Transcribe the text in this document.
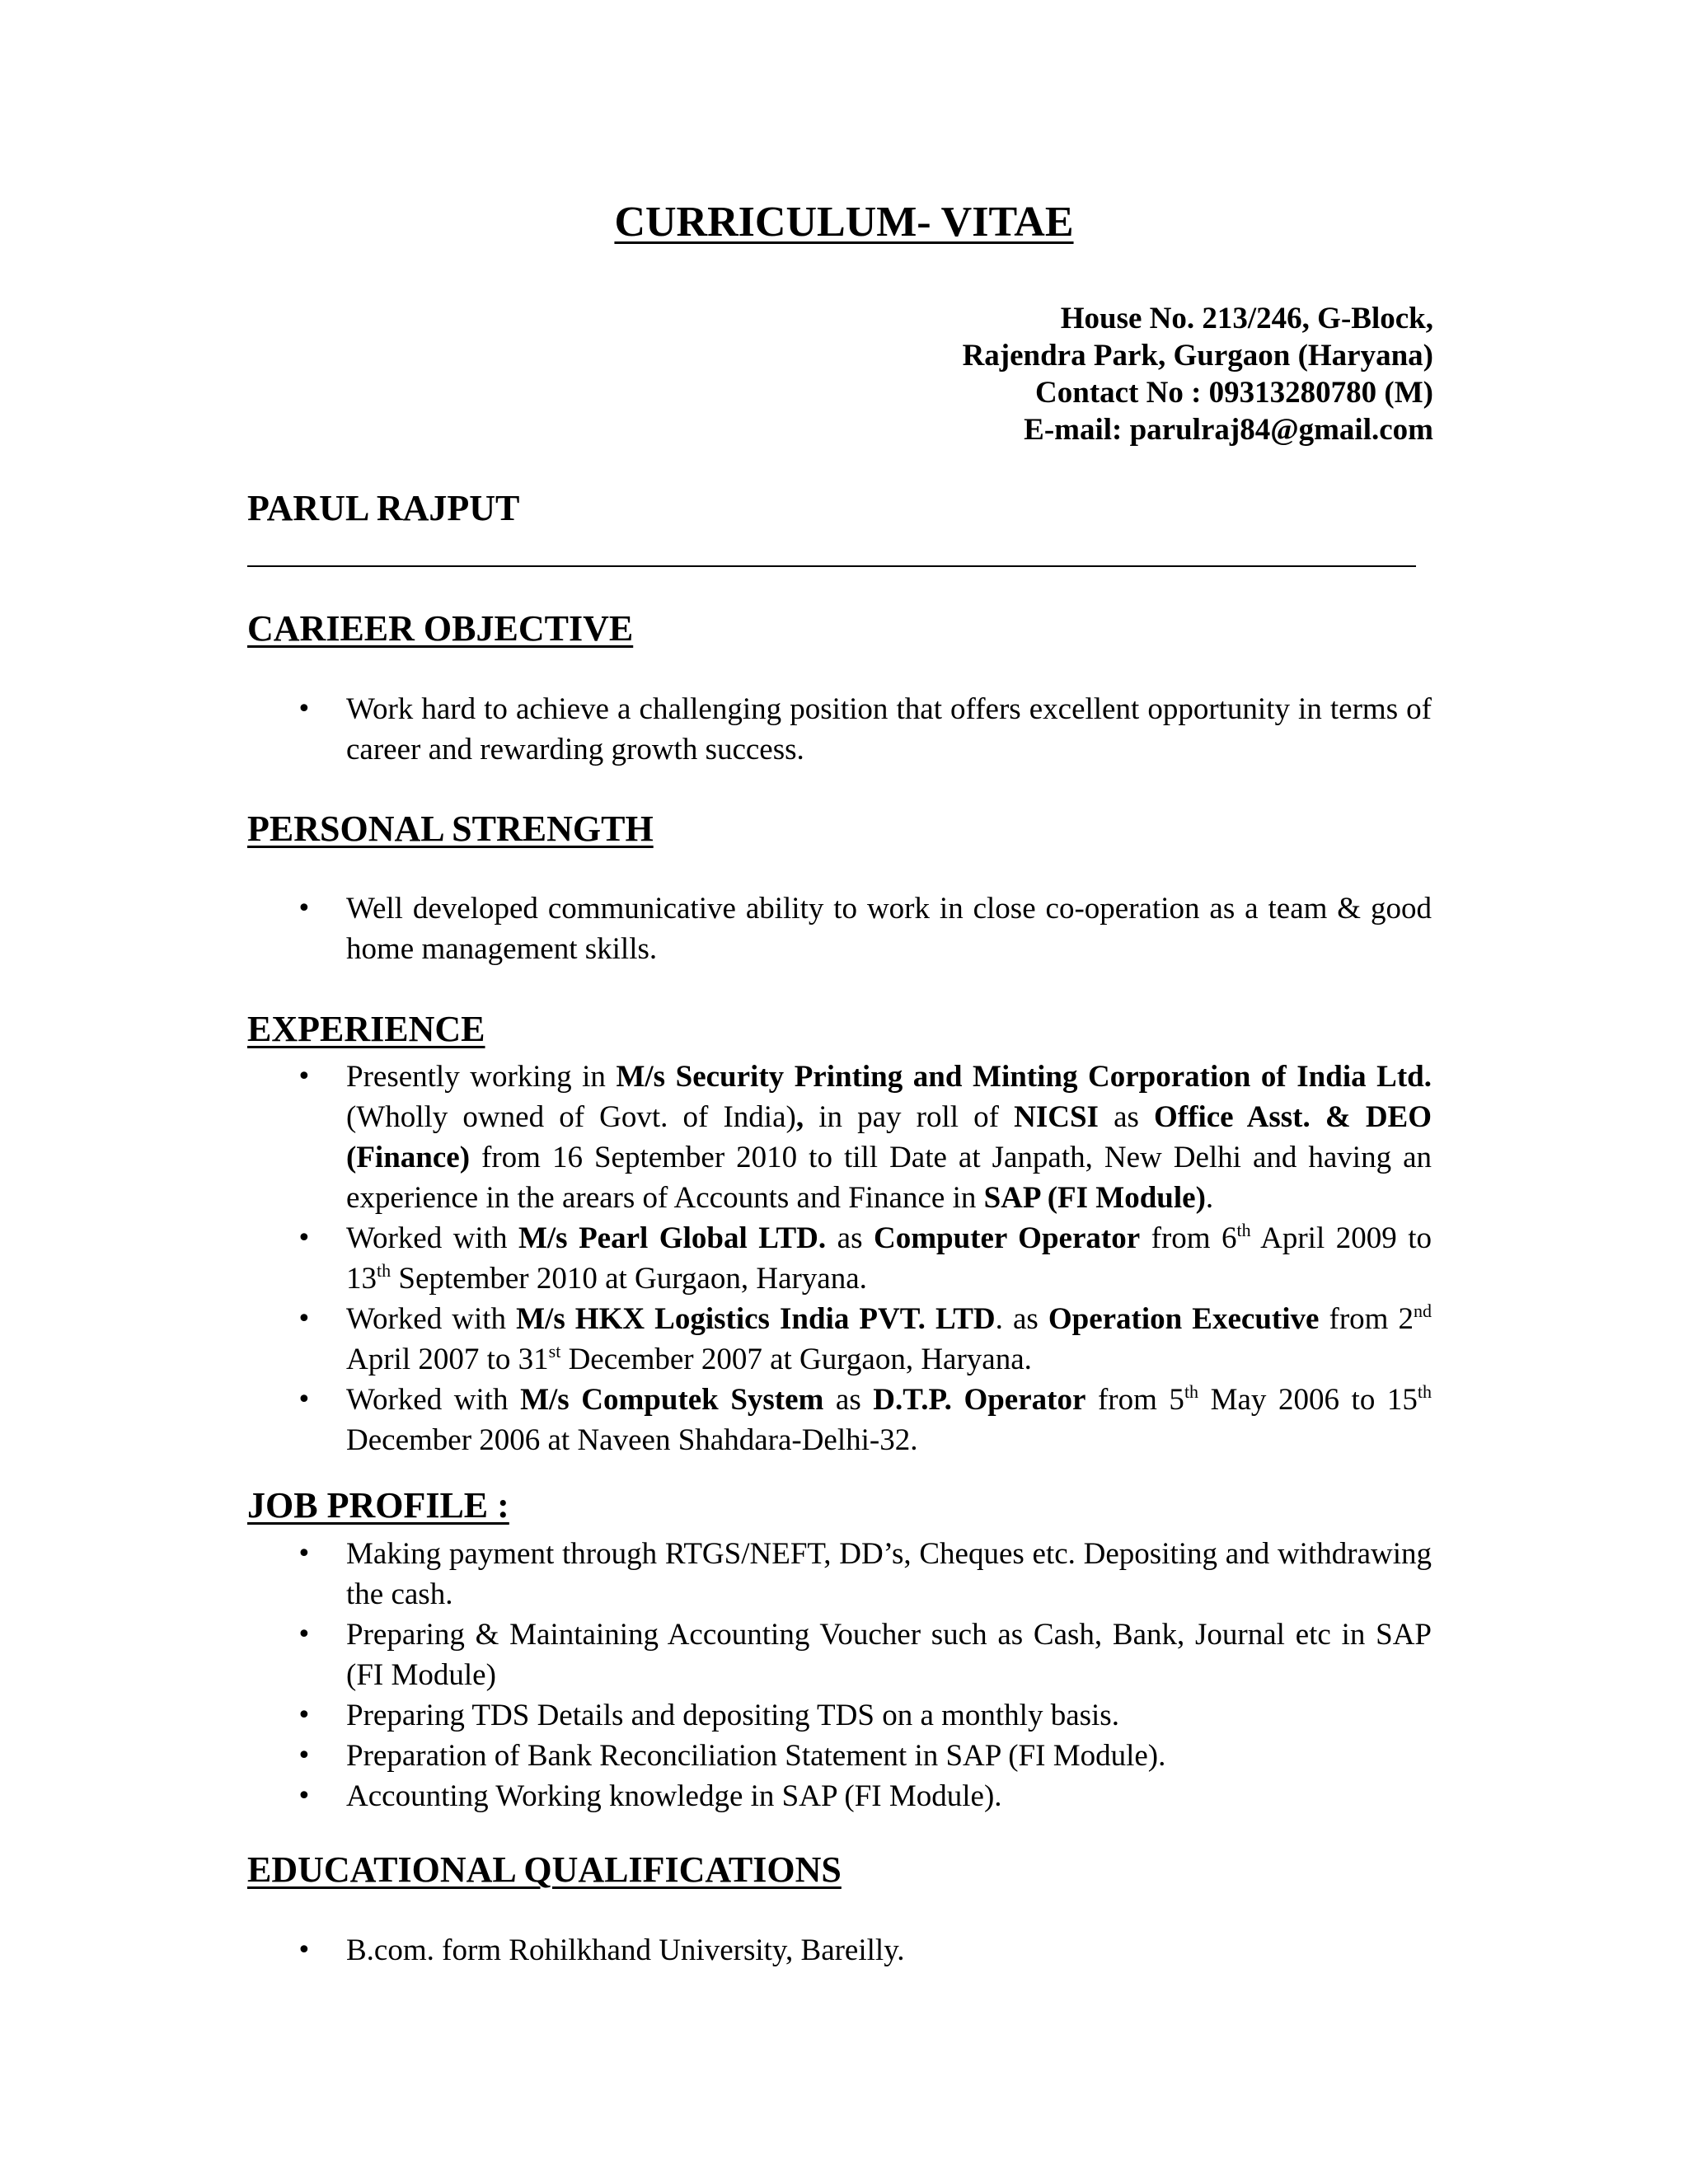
CURRICULUM- VITAE
House No. 213/246, G-Block,
Rajendra Park, Gurgaon (Haryana)
Contact No : 09313280780 (M)
E-mail: parulraj84@gmail.com
PARUL RAJPUT
CARIEER OBJECTIVE
• Work hard to achieve a challenging position that offers excellent opportunity in terms of career and rewarding growth success.
PERSONAL STRENGTH
• Well developed communicative ability to work in close co-operation as a team & good home management skills.
EXPERIENCE
• Presently working in M/s Security Printing and Minting Corporation of India Ltd. (Wholly owned of Govt. of India), in pay roll of NICSI as Office Asst. & DEO (Finance) from 16 September 2010 to till Date at Janpath, New Delhi and having an experience in the arears of Accounts and Finance in SAP (FI Module).
• Worked with M/s Pearl Global LTD. as Computer Operator from 6th April 2009 to 13th September 2010 at Gurgaon, Haryana.
• Worked with M/s HKX Logistics India PVT. LTD. as Operation Executive from 2nd April 2007 to 31st December 2007 at Gurgaon, Haryana.
• Worked with M/s Computek System as D.T.P. Operator from 5th May 2006 to 15th December 2006 at Naveen Shahdara-Delhi-32.
JOB PROFILE :
• Making payment through RTGS/NEFT, DD’s, Cheques etc. Depositing and withdrawing the cash.
• Preparing & Maintaining Accounting Voucher such as Cash, Bank, Journal etc in SAP (FI Module)
• Preparing TDS Details and depositing TDS on a monthly basis.
• Preparation of Bank Reconciliation Statement in SAP (FI Module).
• Accounting Working knowledge in SAP (FI Module).
EDUCATIONAL QUALIFICATIONS
• B.com. form Rohilkhand University, Bareilly.
